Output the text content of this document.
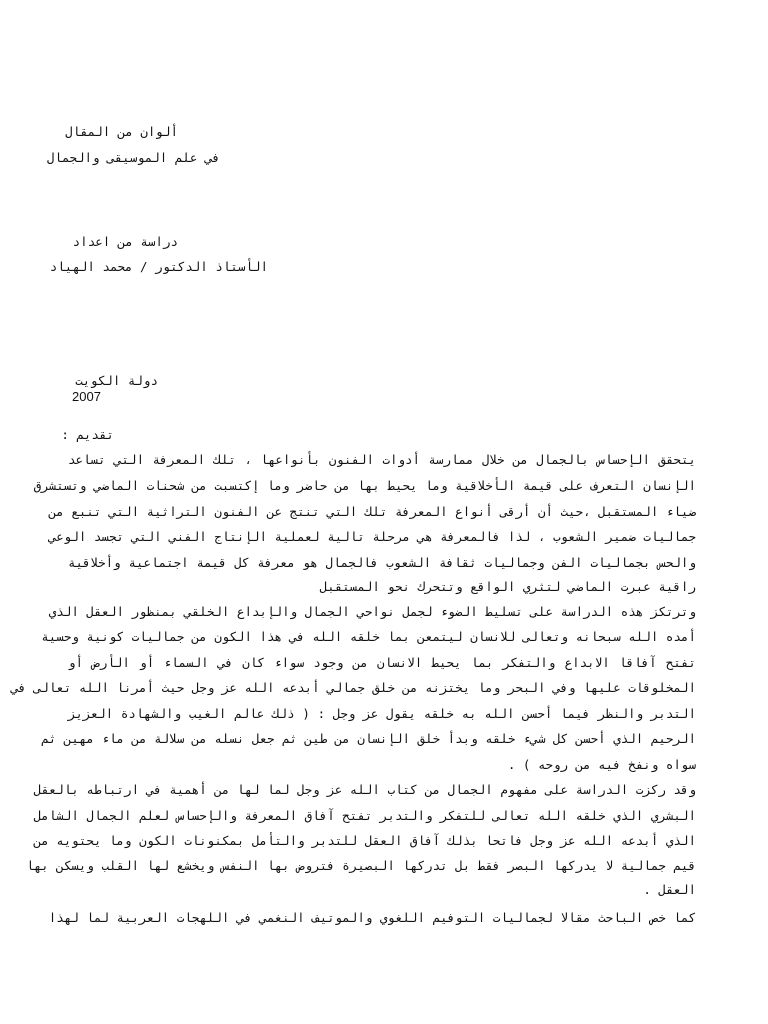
ألوان من المقال
في علم الموسيقى والجمال
دراسة من اعداد
الأستاذ الدكتور / محمد الهياد
دولة الكويت
2007
تقديم :
يتحقق الإحساس بالجمال من خلال ممارسة أدوات الفنون بأنواعها ، تلك المعرفة التي تساعد
الإنسان التعرف على قيمة الأخلاقية وما يحيط بها من حاضر وما إكتسبت من شحنات الماضي وتستشرق
ضياء المستقبل ،حيث أن أرقى أنواع المعرفة تلك التي تنتج عن الفنون التراثية التي تنبع من
جماليات ضمير الشعوب ، لذا فالمعرفة هي مرحلة تالية لعملية الإنتاج الفني التي تجسد الوعي
والحس بجماليات الفن وجماليات ثقافة الشعوب فالجمال هو معرفة كل قيمة اجتماعية وأخلاقية
راقية عبرت الماضي لتثري الواقع وتتحرك نحو المستقبل
وترتكز هذه الدراسة على تسليط الضوء لجمل نواحي الجمال والإبداع الخلقي بمنظور العقل الذي
أمده الله سبحانه وتعالى للانسان ليتمعن بما خلقه الله في هذا الكون من جماليات كونية وحسية
تفتح آفاقا الابداع والتفكر بما يحيط الانسان من وجود سواء كان في السماء أو الأرض أو
المخلوقات عليها وفي البحر وما يختزنه من خلق جمالي أبدعه الله عز وجل حيث أمرنا الله تعالى في
التدبر والنظر فيما أحسن الله به خلقه يقول عز وجل : ( ذلك عالم الغيب والشهادة العزيز
الرحيم الذي أحسن كل شيء خلقه وبدأ خلق الإنسان من طين ثم جعل نسله من سلالة من ماء مهين ثم
سواه ونفخ فيه من روحه ) .
وقد ركزت الدراسة على مفهوم الجمال من كتاب الله عز وجل لما لها من أهمية في ارتباطه بالعقل
البشري الذي خلقه الله تعالى للتفكر والتدبر تفتح آفاق المعرفة والإحساس لعلم الجمال الشامل
الذي أبدعه الله عز وجل فاتحا بذلك آفاق العقل للتدبر والتأمل بمكنونات الكون وما يحتويه من
قيم جمالية لا يدركها البصر فقط بل تدركها البصيرة فتروض بها النفس ويخشع لها القلب ويسكن بها
العقل .
كما خص الباحث مقالا لجماليات التوفيم اللغوي والموتيف النغمي في اللهجات العربية لما لهذا
